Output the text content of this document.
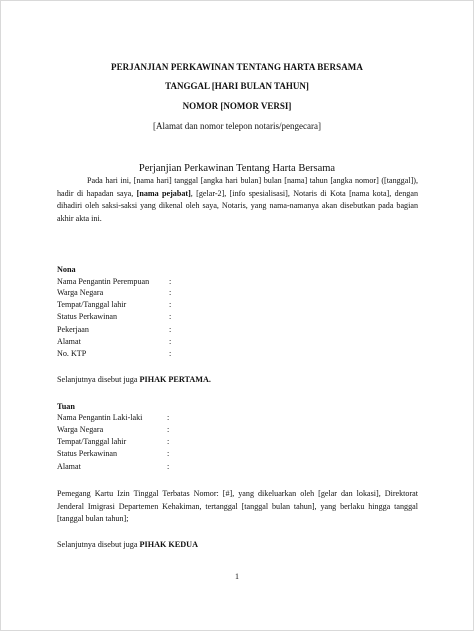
PERJANJIAN PERKAWINAN TENTANG HARTA BERSAMA
TANGGAL [HARI BULAN TAHUN]
NOMOR [NOMOR VERSI]
[Alamat dan nomor telepon notaris/pengecara]
Perjanjian Perkawinan Tentang Harta Bersama
Pada hari ini, [nama hari] tanggal [angka hari bulan] bulan [nama] tahun [angka nomor] ([tanggal]), hadir di hapadan saya, [nama pejabat], [gelar-2], [info spesialisasi], Notaris di Kota [nama kota], dengan dihadiri oleh saksi-saksi yang dikenal oleh saya, Notaris, yang nama-namanya akan disebutkan pada bagian akhir akta ini.
Nona
Nama Pengantin Perempuan :
Warga Negara	:
Tempat/Tanggal lahir	:
Status Perkawinan	:
Pekerjaan	:
Alamat	:
No. KTP	:
Selanjutnya disebut juga PIHAK PERTAMA.
Tuan
Nama Pengantin Laki-laki	:
Warga Negara	:
Tempat/Tanggal lahir	:
Status Perkawinan	:
Alamat	:
Pemegang Kartu Izin Tinggal Terbatas Nomor: [#], yang dikeluarkan oleh [gelar dan lokasi], Direktorat Jenderal Imigrasi Departemen Kehakiman, tertanggal [tanggal bulan tahun], yang berlaku hingga tanggal [tanggal bulan tahun];
Selanjutnya disebut juga PIHAK KEDUA
1
